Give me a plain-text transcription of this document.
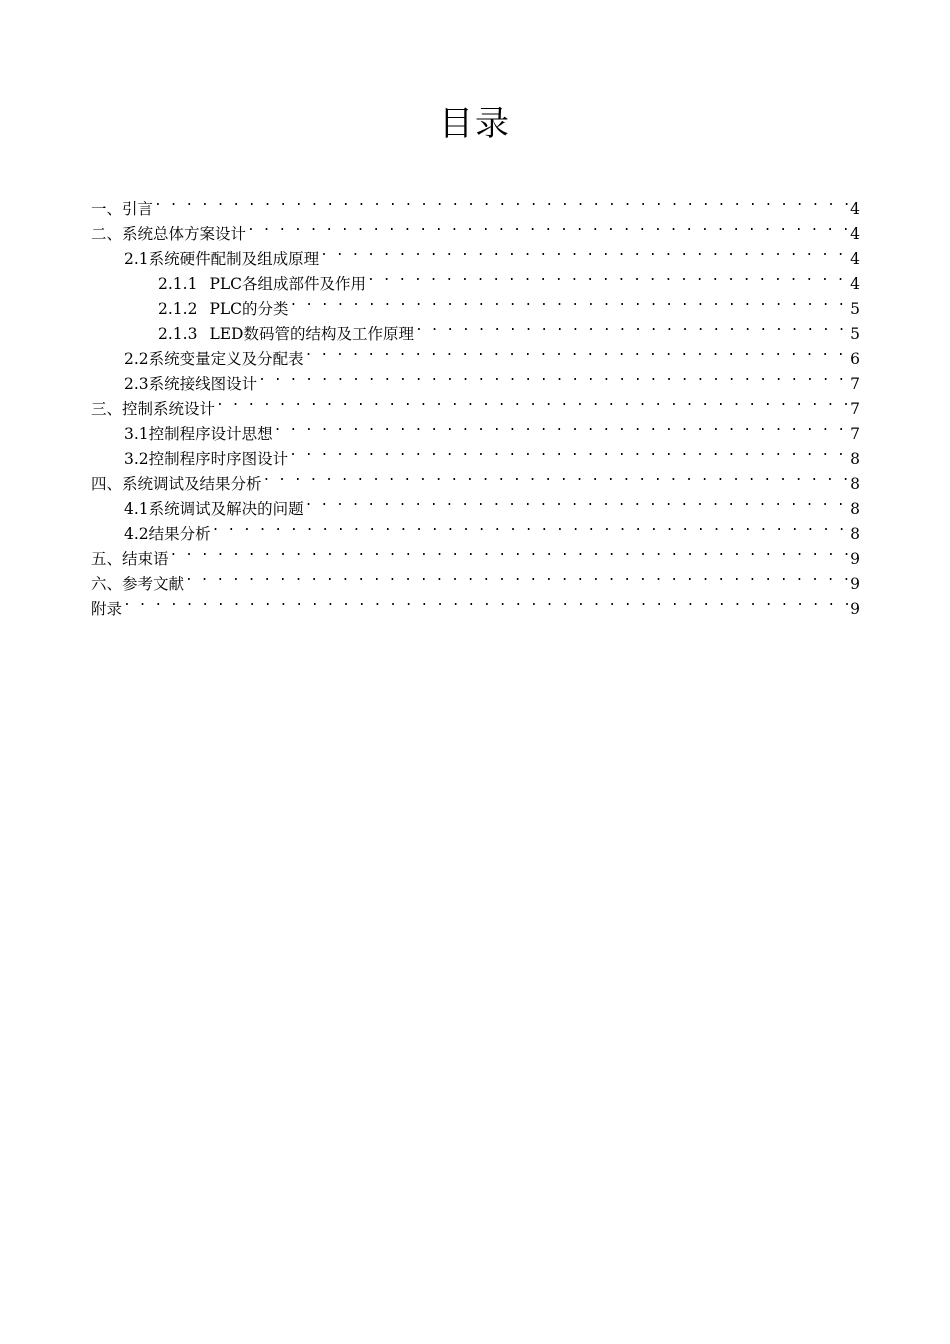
目录
一、引言 . . .	4
二、系统总体方案设计 . . .	4
2.1 系统硬件配制及组成原理 . . .	4
2.1.1 PLC各组成部件及作用 . . .	4
2.1.2 PLC的分类 . . .	5
2.1.3 LED数码管的结构及工作原理 . . .	5
2.2 系统变量定义及分配表 . . .	6
2.3 系统接线图设计 . . .	7
三、控制系统设计 . . .	7
3.1 控制程序设计思想 . . .	7
3.2 控制程序时序图设计 . . .	8
四、系统调试及结果分析 . . .	8
4.1 系统调试及解决的问题 . . .	8
4.2 结果分析 . . .	8
五、结束语 . . .	9
六、参考文献 . . .	9
附录 . . .	9
